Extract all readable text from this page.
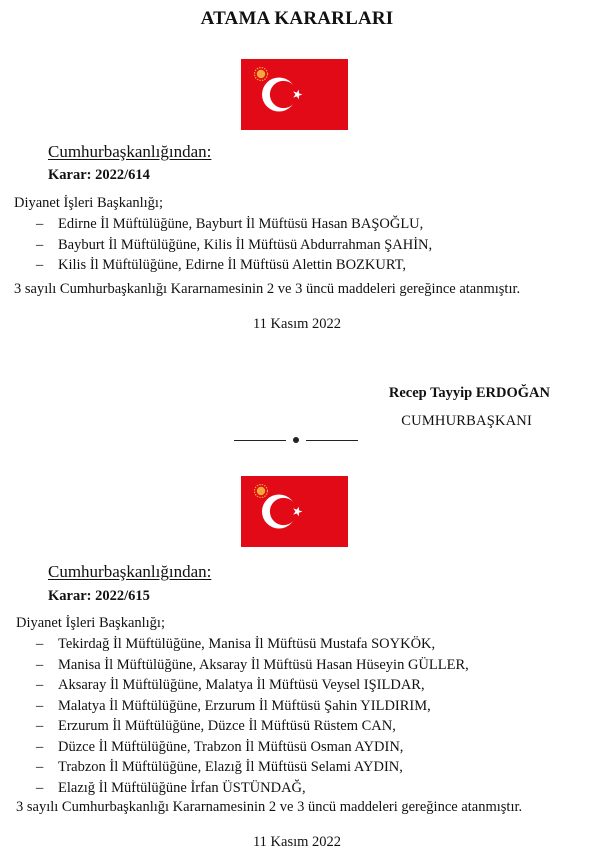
ATAMA KARARLARI
Cumhurbaşkanlığından:
Karar: 2022/614
Diyanet İşleri Başkanlığı;
– Edirne İl Müftülüğüne, Bayburt İl Müftüsü Hasan BAŞOĞLU,
– Bayburt İl Müftülüğüne, Kilis İl Müftüsü Abdurrahman ŞAHİN,
– Kilis İl Müftülüğüne, Edirne İl Müftüsü Alettin BOZKURT,
3 sayılı Cumhurbaşkanlığı Kararnamesinin 2 ve 3 üncü maddeleri gereğince atanmıştır.
11 Kasım 2022
Recep Tayyip ERDOĞAN
CUMHURBAŞKANI
Cumhurbaşkanlığından:
Karar: 2022/615
Diyanet İşleri Başkanlığı;
– Tekirdağ İl Müftülüğüne, Manisa İl Müftüsü Mustafa SOYKÖK,
– Manisa İl Müftülüğüne, Aksaray İl Müftüsü Hasan Hüseyin GÜLLER,
– Aksaray İl Müftülüğüne, Malatya İl Müftüsü Veysel IŞILDAR,
– Malatya İl Müftülüğüne, Erzurum İl Müftüsü Şahin YILDIRIM,
– Erzurum İl Müftülüğüne, Düzce İl Müftüsü Rüstem CAN,
– Düzce İl Müftülüğüne, Trabzon İl Müftüsü Osman AYDIN,
– Trabzon İl Müftülüğüne, Elazığ İl Müftüsü Selami AYDIN,
– Elazığ İl Müftülüğüne İrfan ÜSTÜNDAĞ,
3 sayılı Cumhurbaşkanlığı Kararnamesinin 2 ve 3 üncü maddeleri gereğince atanmıştır.
11 Kasım 2022
